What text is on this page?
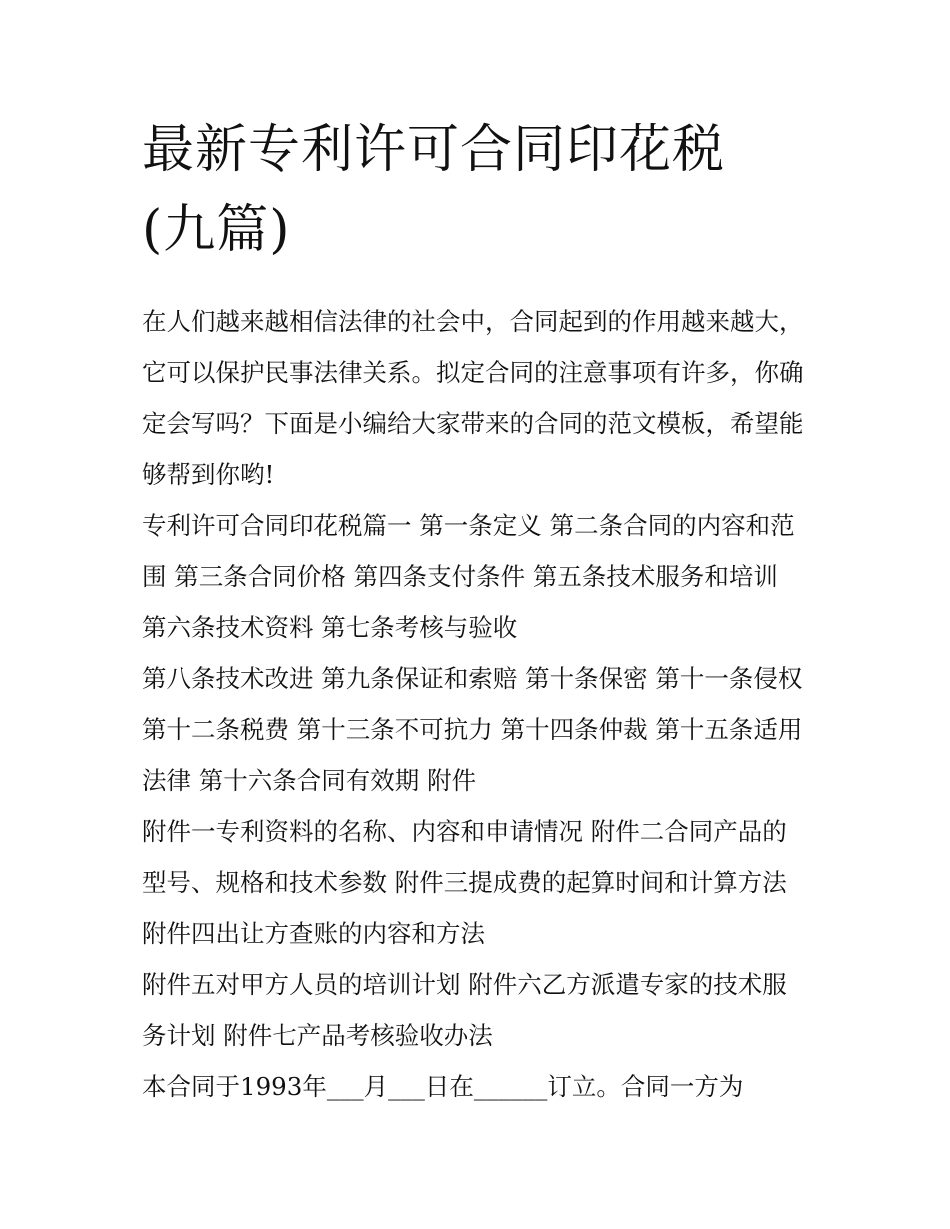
最新专利许可合同印花税(九篇)

在人们越来越相信法律的社会中，合同起到的作用越来越大，

它可以保护民事法律关系。拟定合同的注意事项有许多，你确

定会写吗？下面是小编给大家带来的合同的范文模板，希望能

够帮到你哟!

专利许可合同印花税篇一 第一条定义 第二条合同的内容和范

围 第三条合同价格 第四条支付条件 第五条技术服务和培训

第六条技术资料 第七条考核与验收

第八条技术改进 第九条保证和索赔 第十条保密 第十一条侵权

第十二条税费 第十三条不可抗力 第十四条仲裁 第十五条适用

法律 第十六条合同有效期 附件

附件一专利资料的名称、内容和申请情况 附件二合同产品的

型号、规格和技术参数 附件三提成费的起算时间和计算方法

附件四出让方查账的内容和方法

附件五对甲方人员的培训计划 附件六乙方派遣专家的技术服

务计划 附件七产品考核验收办法

本合同于1993年___月___日在______订立。合同一方为
